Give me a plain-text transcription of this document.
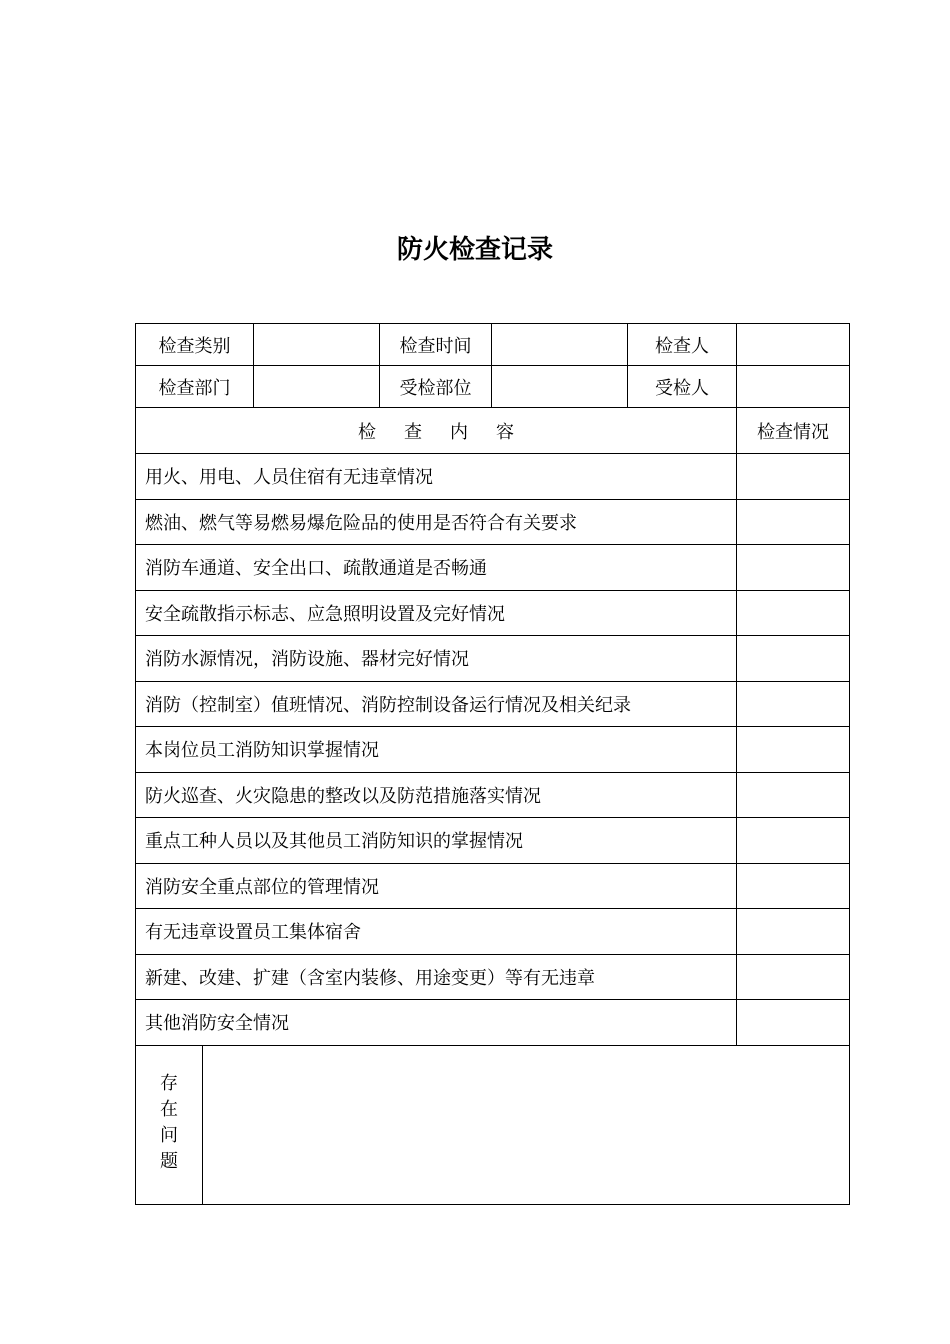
防火检查记录
检查类别			检查时间		检查人	
检查部门			受检部位		受检人	
检查内容						检查情况
用火、用电、人员住宿有无违章情况						
燃油、燃气等易燃易爆危险品的使用是否符合有关要求						
消防车通道、安全出口、疏散通道是否畅通						
安全疏散指示标志、应急照明设置及完好情况						
消防水源情况，消防设施、器材完好情况						
消防（控制室）值班情况、消防控制设备运行情况及相关纪录						
本岗位员工消防知识掌握情况						
防火巡查、火灾隐患的整改以及防范措施落实情况						
重点工种人员以及其他员工消防知识的掌握情况						
消防安全重点部位的管理情况						
有无违章设置员工集体宿舍						
新建、改建、扩建（含室内装修、用途变更）等有无违章						
其他消防安全情况						

存
在
问
题						
